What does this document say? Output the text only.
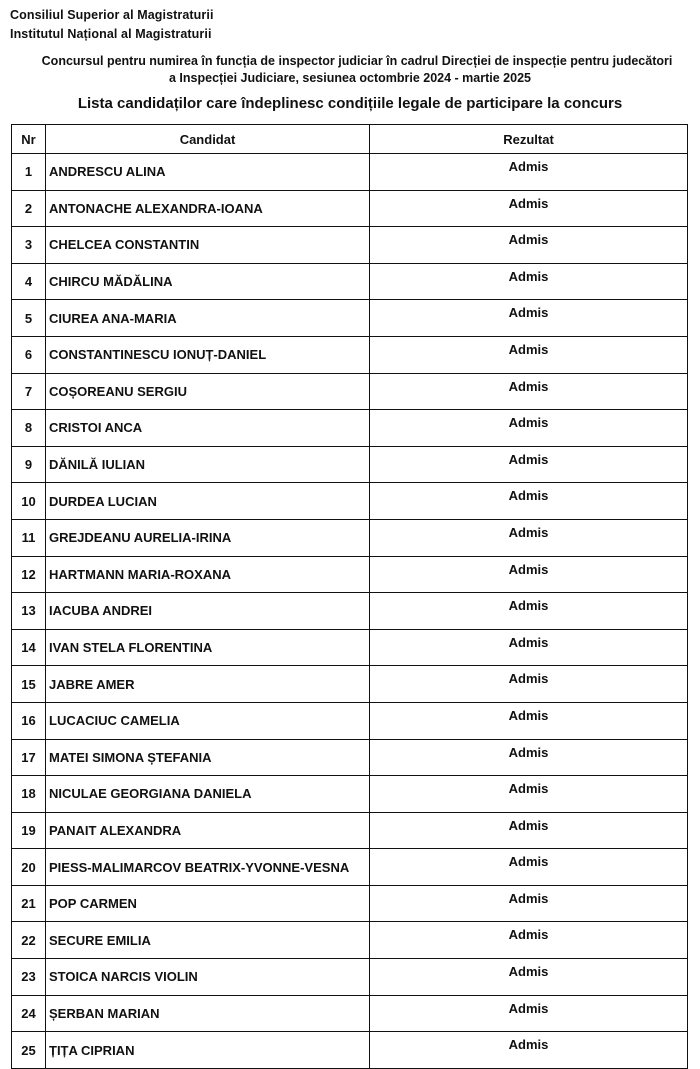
Consiliul Superior al Magistraturii
Institutul Național al Magistraturii
Concursul pentru numirea în funcția de inspector judiciar în cadrul Direcției de inspecție pentru judecători
a Inspecției Judiciare, sesiunea octombrie 2024 - martie 2025
Lista candidaților care îndeplinesc condițiile legale de participare la concurs
Nr	Candidat	Rezultat
1	ANDRESCU ALINA	Admis
2	ANTONACHE ALEXANDRA-IOANA	Admis
3	CHELCEA CONSTANTIN	Admis
4	CHIRCU MĂDĂLINA	Admis
5	CIUREA ANA-MARIA	Admis
6	CONSTANTINESCU IONUȚ-DANIEL	Admis
7	COȘOREANU SERGIU	Admis
8	CRISTOI ANCA	Admis
9	DĂNILĂ IULIAN	Admis
10	DURDEA LUCIAN	Admis
11	GREJDEANU AURELIA-IRINA	Admis
12	HARTMANN MARIA-ROXANA	Admis
13	IACUBA ANDREI	Admis
14	IVAN STELA FLORENTINA	Admis
15	JABRE AMER	Admis
16	LUCACIUC CAMELIA	Admis
17	MATEI SIMONA ȘTEFANIA	Admis
18	NICULAE GEORGIANA DANIELA	Admis
19	PANAIT ALEXANDRA	Admis
20	PIESS-MALIMARCOV BEATRIX-YVONNE-VESNA	Admis
21	POP CARMEN	Admis
22	SECURE EMILIA	Admis
23	STOICA NARCIS VIOLIN	Admis
24	ȘERBAN MARIAN	Admis
25	ȚIȚA CIPRIAN	Admis
